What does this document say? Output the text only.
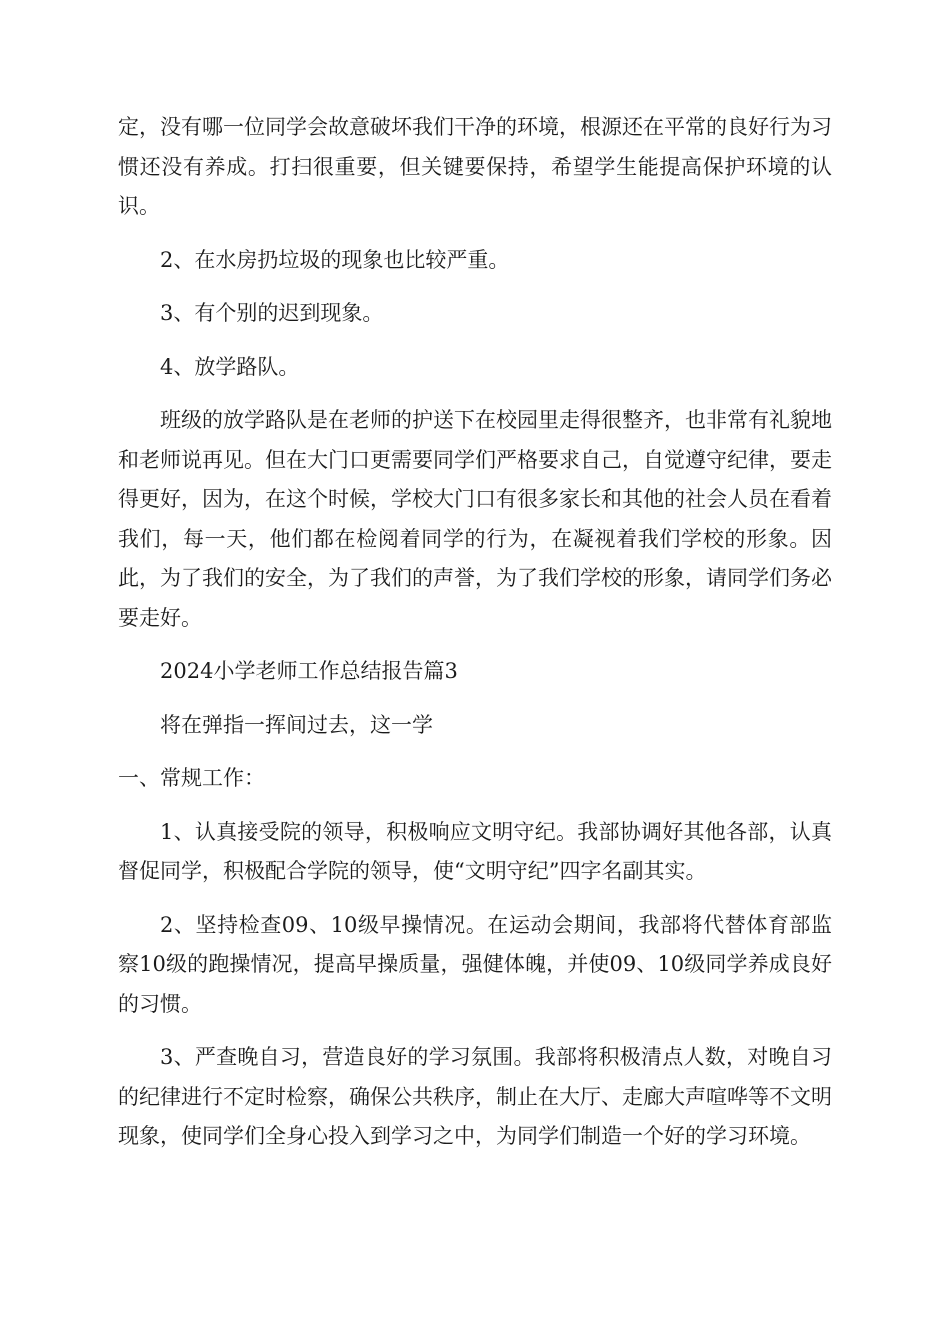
定，没有哪一位同学会故意破坏我们干净的环境，根源还在平常的良好行为习惯还没有养成。打扫很重要，但关键要保持，希望学生能提高保护环境的认识。

2、在水房扔垃圾的现象也比较严重。

3、有个别的迟到现象。

4、放学路队。

班级的放学路队是在老师的护送下在校园里走得很整齐，也非常有礼貌地和老师说再见。但在大门口更需要同学们严格要求自己，自觉遵守纪律，要走得更好，因为，在这个时候，学校大门口有很多家长和其他的社会人员在看着我们，每一天，他们都在检阅着同学的行为，在凝视着我们学校的形象。因此，为了我们的安全，为了我们的声誉，为了我们学校的形象，请同学们务必要走好。

2024小学老师工作总结报告篇3

将在弹指一挥间过去，这一学

一、常规工作：

1、认真接受院的领导，积极响应文明守纪。我部协调好其他各部，认真督促同学，积极配合学院的领导，使“文明守纪”四字名副其实。

2、坚持检查09、10级早操情况。在运动会期间，我部将代替体育部监察10级的跑操情况，提高早操质量，强健体魄，并使09、10级同学养成良好的习惯。

3、严查晚自习，营造良好的学习氛围。我部将积极清点人数，对晚自习的纪律进行不定时检察，确保公共秩序，制止在大厅、走廊大声喧哗等不文明现象，使同学们全身心投入到学习之中，为同学们制造一个好的学习环境。
